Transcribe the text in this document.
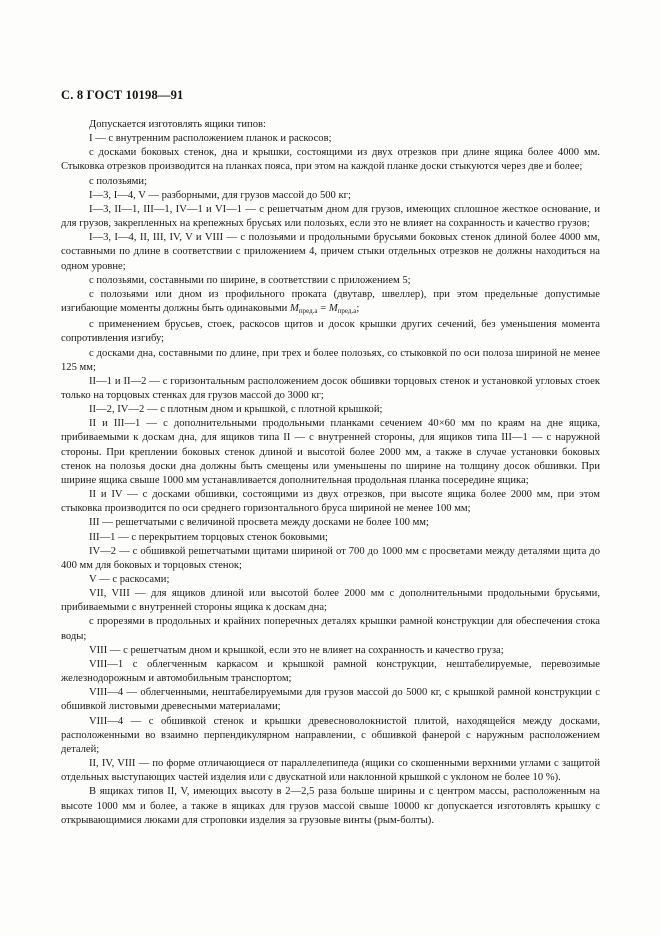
С. 8 ГОСТ 10198—91

Допускается изготовлять ящики типов:

I — с внутренним расположением планок и раскосов;

с досками боковых стенок, дна и крышки, состоящими из двух отрезков при длине ящика более 4000 мм. Стыковка отрезков производится на планках пояса, при этом на каждой планке доски стыкуются через две и более;

с полозьями;

I—3, I—4, V — разборными, для грузов массой до 500 кг;

I—3, II—1, III—1, IV—1 и VI—1 — с решетчатым дном для грузов, имеющих сплошное жесткое основание, и для грузов, закрепленных на крепежных брусьях или полозьях, если это не влияет на сохранность и качество грузов;

I—3, I—4, II, III, IV, V и VIII — с полозьями и продольными брусьями боковых стенок длиной более 4000 мм, составными по длине в соответствии с приложением 4, причем стыки отдельных отрезков не должны находиться на одном уровне;

с полозьями, составными по ширине, в соответствии с приложением 5;

с полозьями или дном из профильного проката (двутавр, швеллер), при этом предельные допустимые изгибающие моменты должны быть одинаковыми $M_{пред.а} = M_{пред.а}$;

с применением брусьев, стоек, раскосов щитов и досок крышки других сечений, без уменьшения момента сопротивления изгибу;

с досками дна, составными по длине, при трех и более полозьях, со стыковкой по оси полоза шириной не менее 125 мм;

II—1 и II—2 — с горизонтальным расположением досок обшивки торцовых стенок и установкой угловых стоек только на торцовых стенках для грузов массой до 3000 кг;

II—2, IV—2 — с плотным дном и крышкой, с плотной крышкой;

II и III—1 — с дополнительными продольными планками сечением 40×60 мм по краям на дне ящика, прибиваемыми к доскам дна, для ящиков типа II — с внутренней стороны, для ящиков типа III—1 — с наружной стороны. При креплении боковых стенок длиной и высотой более 2000 мм, а также в случае установки боковых стенок на полозья доски дна должны быть смещены или уменьшены по ширине на толщину досок обшивки. При ширине ящика свыше 1000 мм устанавливается дополнительная продольная планка посередине ящика;

II и IV — с досками обшивки, состоящими из двух отрезков, при высоте ящика более 2000 мм, при этом стыковка производится по оси среднего горизонтального бруса шириной не менее 100 мм;

III — решетчатыми с величиной просвета между досками не более 100 мм;

III—1 — с перекрытием торцовых стенок боковыми;

IV—2 — с обшивкой решетчатыми щитами шириной от 700 до 1000 мм с просветами между деталями щита до 400 мм для боковых и торцовых стенок;

V — с раскосами;

VII, VIII — для ящиков длиной или высотой более 2000 мм с дополнительными продольными брусьями, прибиваемыми с внутренней стороны ящика к доскам дна;

с прорезями в продольных и крайних поперечных деталях крышки рамной конструкции для обеспечения стока воды;

VIII — с решетчатым дном и крышкой, если это не влияет на сохранность и качество груза;

VIII—1 с облегченным каркасом и крышкой рамной конструкции, нештабелируемые, перевозимые железнодорожным и автомобильным транспортом;

VIII—4 — облегченными, нештабелируемыми для грузов массой до 5000 кг, с крышкой рамной конструкции с обшивкой листовыми древесными материалами;

VIII—4 — с обшивкой стенок и крышки древесноволокнистой плитой, находящейся между досками, расположенными во взаимно перпендикулярном направлении, с обшивкой фанерой с наружным расположением деталей;

II, IV, VIII — по форме отличающиеся от параллелепипеда (ящики со скошенными верхними углами с защитой отдельных выступающих частей изделия или с двускатной или наклонной крышкой с уклоном не более 10 %).

В ящиках типов II, V, имеющих высоту в 2—2,5 раза больше ширины и с центром массы, расположенным на высоте 1000 мм и более, а также в ящиках для грузов массой свыше 10000 кг допускается изготовлять крышку с открывающимися люками для строповки изделия за грузовые винты (рым-болты).
